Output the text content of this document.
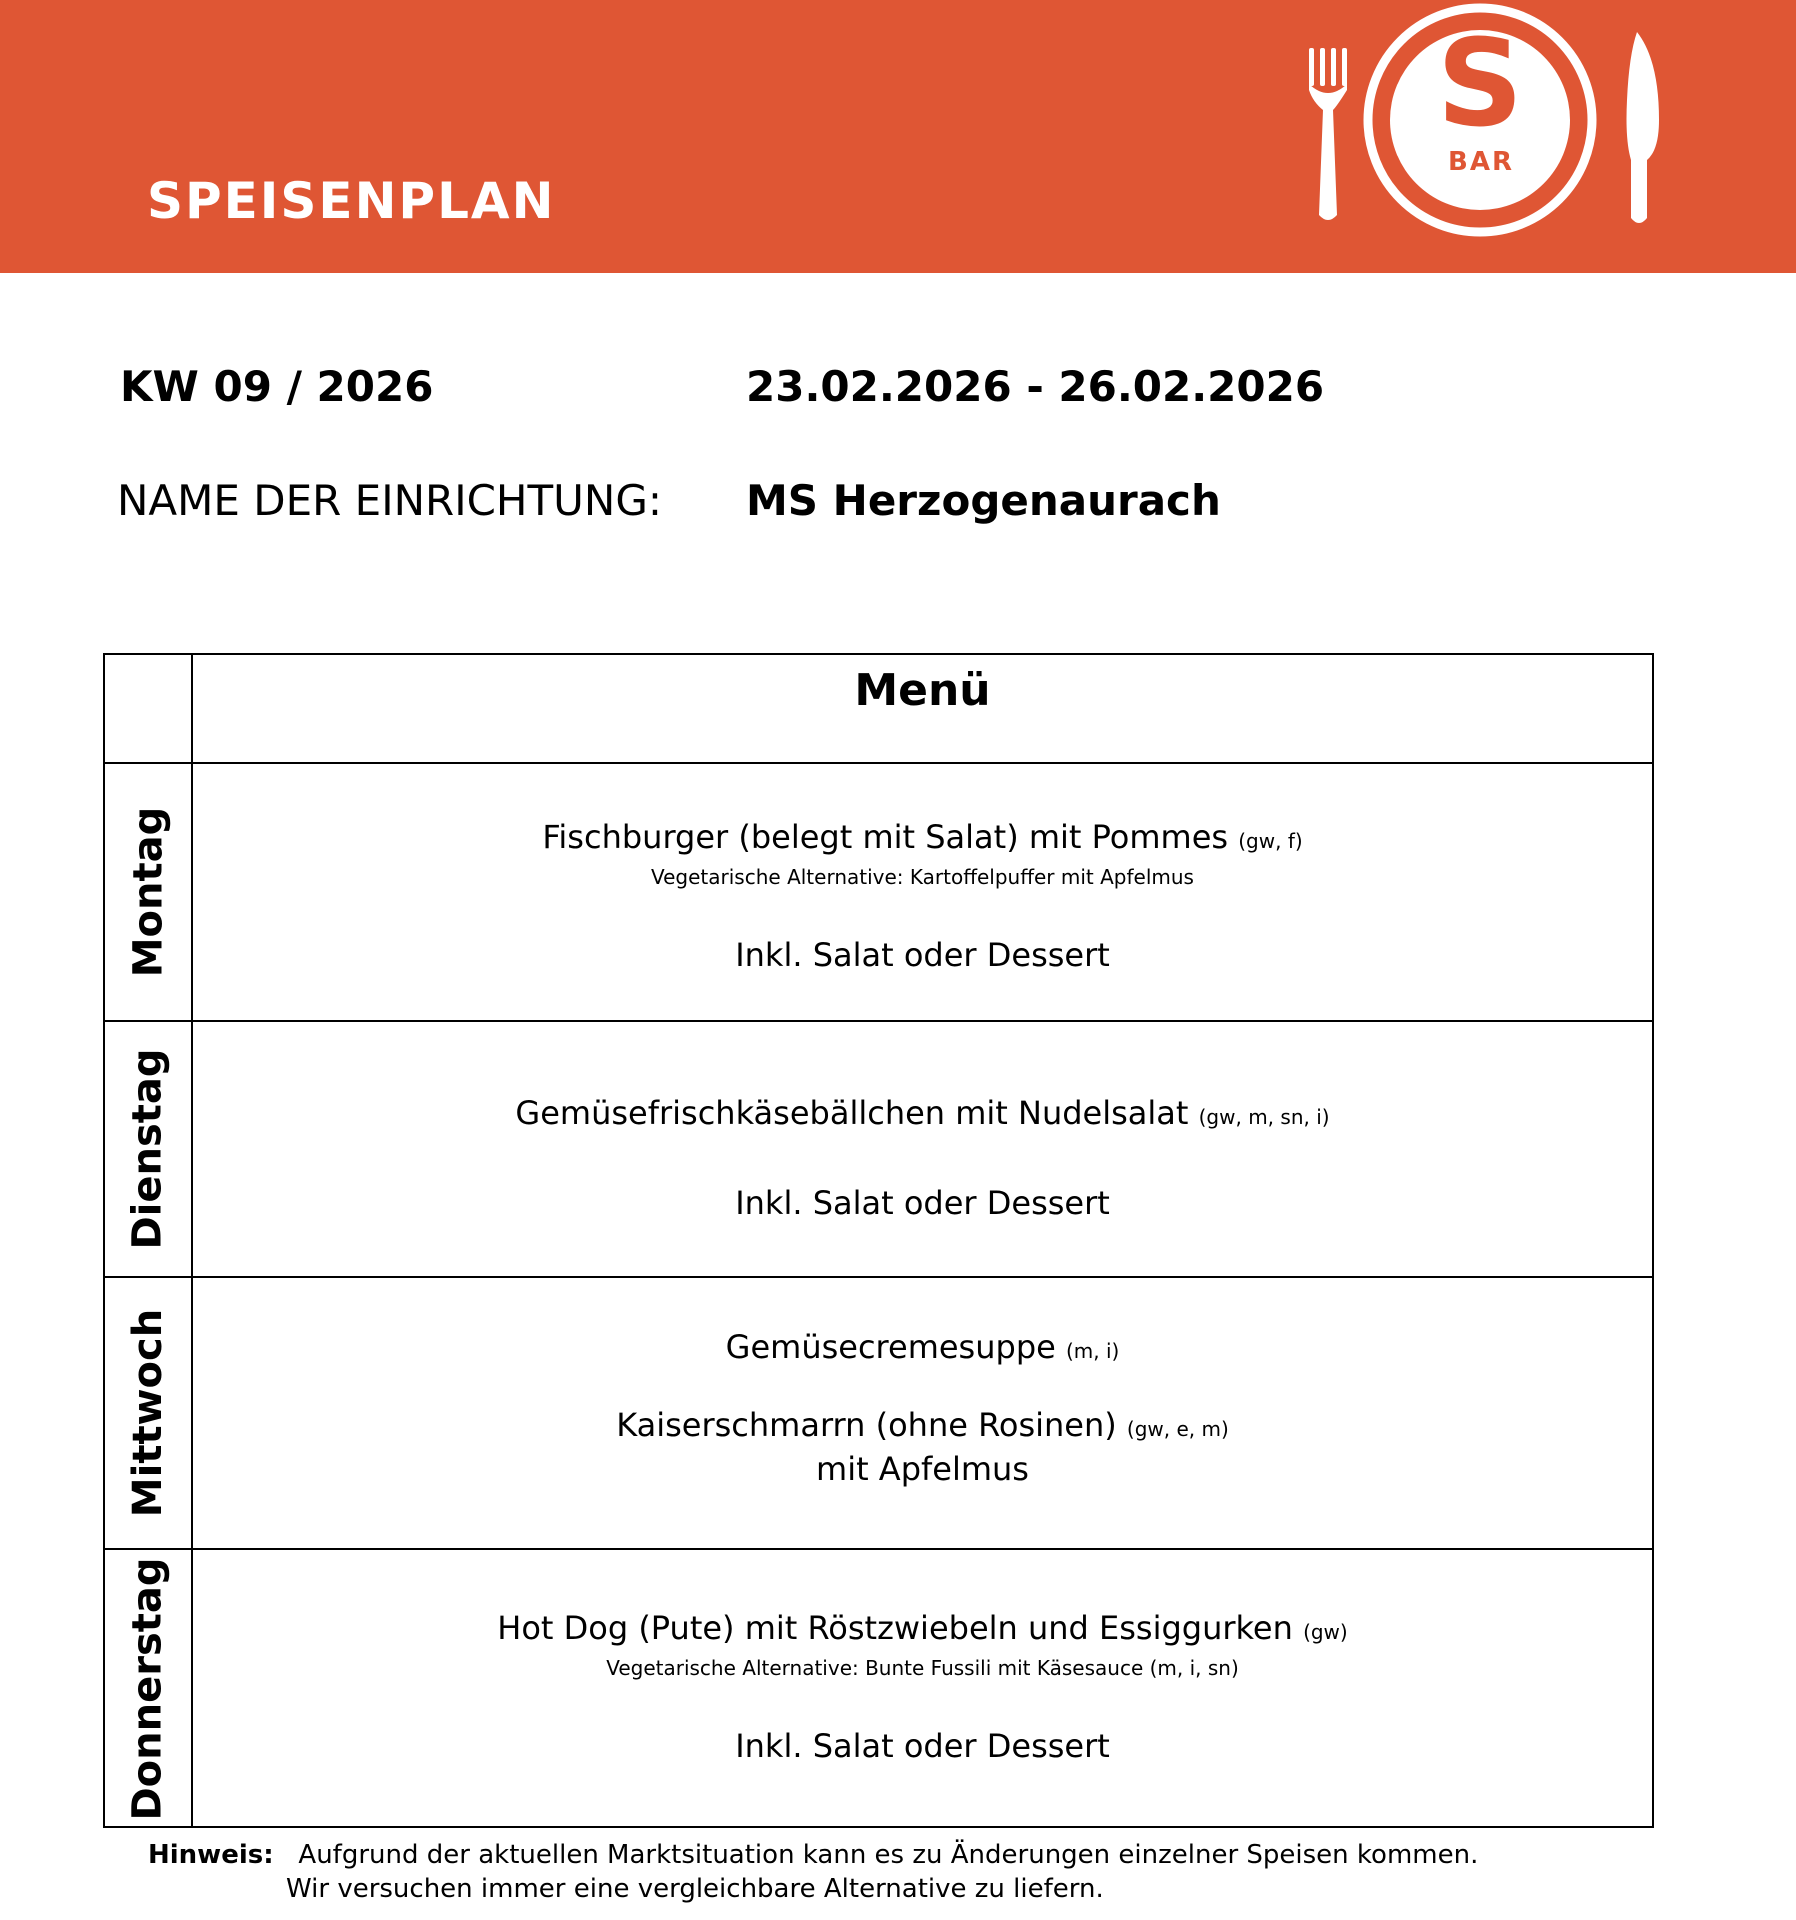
SPEISENPLAN
S
BAR
KW 09 / 2026	23.02.2026 - 26.02.2026
NAME DER EINRICHTUNG: MS Herzogenaurach
Menü
Montag	Fischburger (belegt mit Salat) mit Pommes (gw, f)
Vegetarische Alternative: Kartoffelpuffer mit Apfelmus
Inkl. Salat oder Dessert
Dienstag	Gemüsefrischkäsebällchen mit Nudelsalat (gw, m, sn, i)
Inkl. Salat oder Dessert
Mittwoch	Gemüsecremesuppe (m, i)
Kaiserschmarrn (ohne Rosinen) (gw, e, m)
mit Apfelmus
Donnerstag	Hot Dog (Pute) mit Röstzwiebeln und Essiggurken (gw)
Vegetarische Alternative: Bunte Fussili mit Käsesauce (m, i, sn)
Inkl. Salat oder Dessert
Hinweis: Aufgrund der aktuellen Marktsituation kann es zu Änderungen einzelner Speisen kommen.
Wir versuchen immer eine vergleichbare Alternative zu liefern.
